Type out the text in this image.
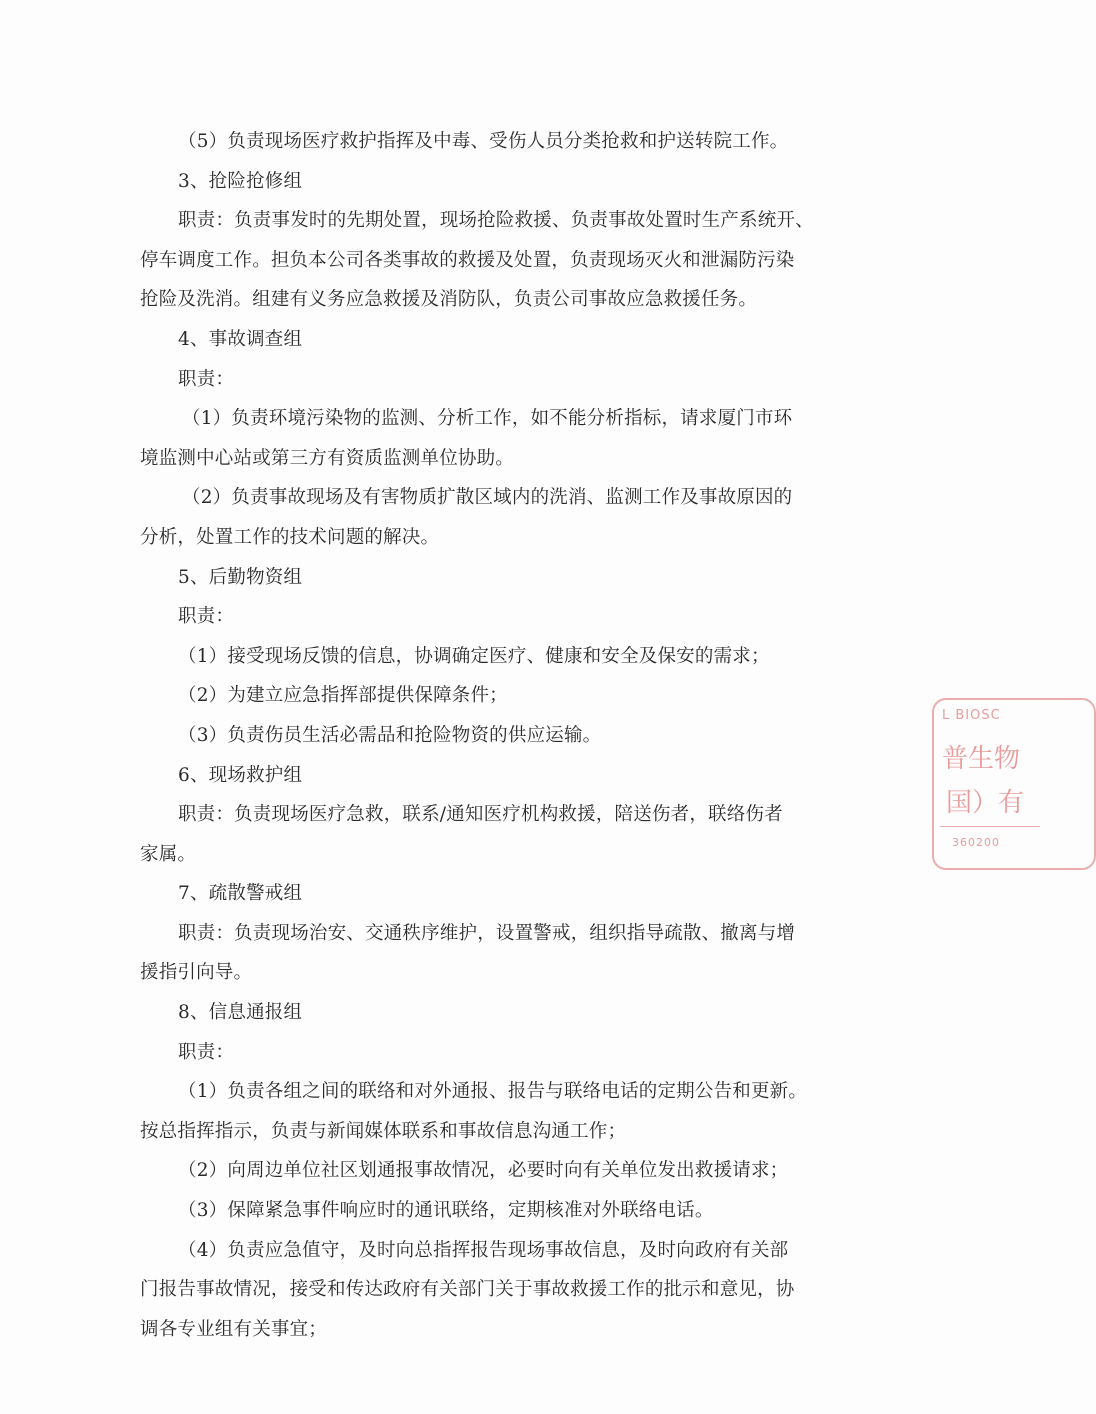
（5）负责现场医疗救护指挥及中毒、受伤人员分类抢救和护送转院工作。
3、抢险抢修组
职责：负责事发时的先期处置，现场抢险救援、负责事故处置时生产系统开、
停车调度工作。担负本公司各类事故的救援及处置，负责现场灭火和泄漏防污染
抢险及洗消。组建有义务应急救援及消防队，负责公司事故应急救援任务。
4、事故调查组
职责：
（1）负责环境污染物的监测、分析工作，如不能分析指标，请求厦门市环
境监测中心站或第三方有资质监测单位协助。
（2）负责事故现场及有害物质扩散区域内的洗消、监测工作及事故原因的
分析，处置工作的技术问题的解决。
5、后勤物资组
职责：
（1）接受现场反馈的信息，协调确定医疗、健康和安全及保安的需求；
（2）为建立应急指挥部提供保障条件；
（3）负责伤员生活必需品和抢险物资的供应运输。
6、现场救护组
职责：负责现场医疗急救，联系/通知医疗机构救援，陪送伤者，联络伤者
家属。
7、疏散警戒组
职责：负责现场治安、交通秩序维护，设置警戒，组织指导疏散、撤离与增
援指引向导。
8、信息通报组
职责：
（1）负责各组之间的联络和对外通报、报告与联络电话的定期公告和更新。
按总指挥指示，负责与新闻媒体联系和事故信息沟通工作；
（2）向周边单位社区划通报事故情况，必要时向有关单位发出救援请求；
（3）保障紧急事件响应时的通讯联络，定期核准对外联络电话。
（4）负责应急值守，及时向总指挥报告现场事故信息，及时向政府有关部
门报告事故情况，接受和传达政府有关部门关于事故救援工作的批示和意见，协
调各专业组有关事宜；
L BIOSC
普生物
国）有
360200
